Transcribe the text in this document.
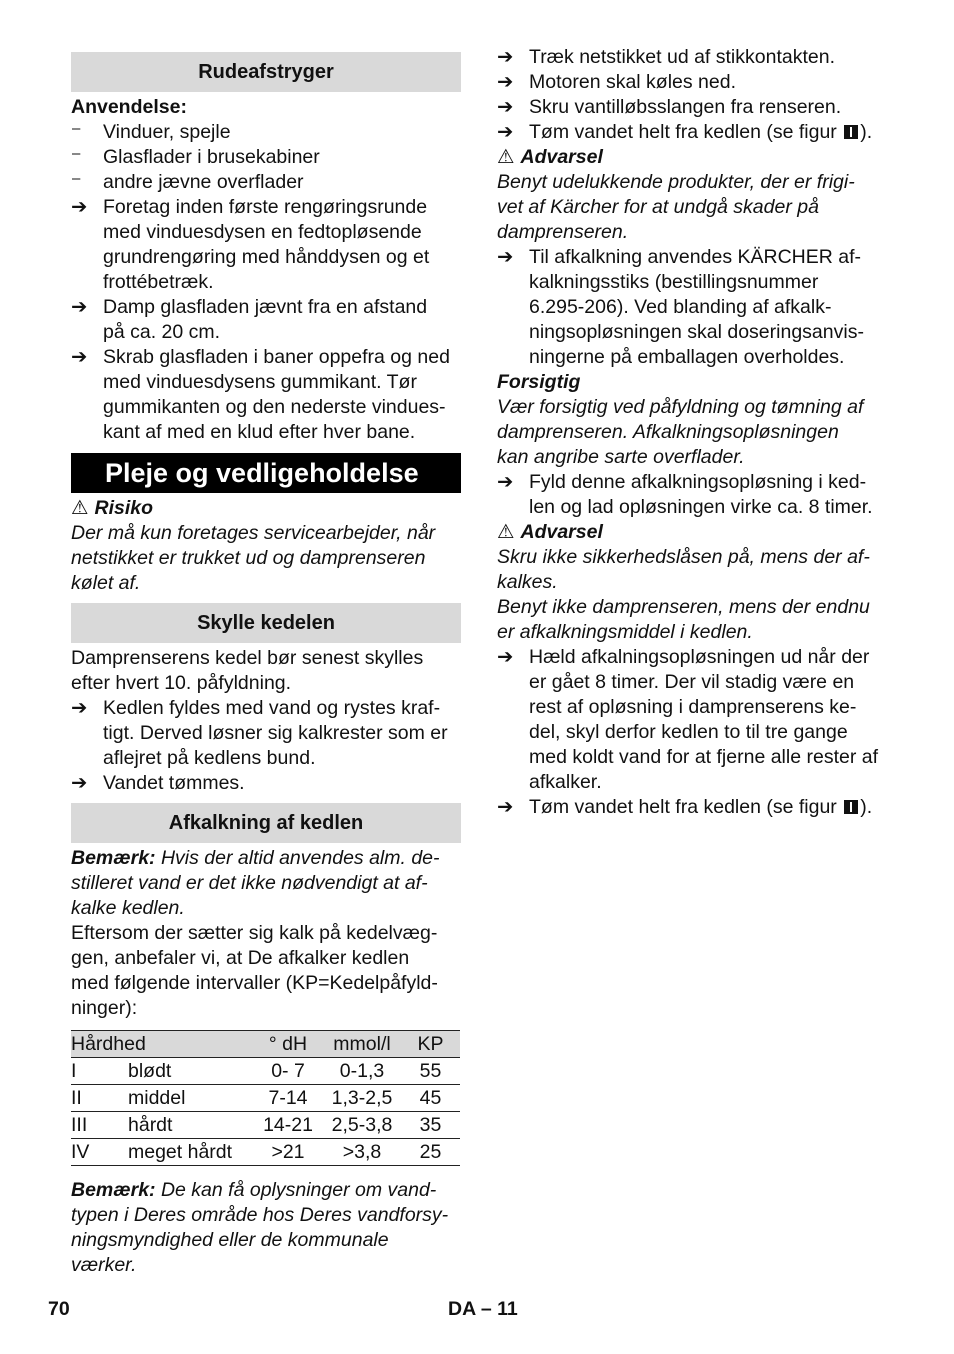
Rudeafstryger
Anvendelse:
– Vinduer, spejle
– Glasflader i brusekabiner
– andre jævne overflader
➔ Foretag inden første rengøringsrunde
med vinduesdysen en fedtopløsende
grundrengøring med hånddysen og et
frottébetræk.
➔ Damp glasfladen jævnt fra en afstand
på ca. 20 cm.
➔ Skrab glasfladen i baner oppefra og ned
med vinduesdysens gummikant. Tør
gummikanten og den nederste vindues-
kant af med en klud efter hver bane.
Pleje og vedligeholdelse
⚠ Risiko
Der må kun foretages servicearbejder, når
netstikket er trukket ud og damprenseren
kølet af.
Skylle kedelen
Damprenserens kedel bør senest skylles
efter hvert 10. påfyldning.
➔ Kedlen fyldes med vand og rystes kraf-
tigt. Derved løsner sig kalkrester som er
aflejret på kedlens bund.
➔ Vandet tømmes.
Afkalkning af kedlen
Bemærk: Hvis der altid anvendes alm. de-
stilleret vand er det ikke nødvendigt at af-
kalke kedlen.
Eftersom der sætter sig kalk på kedelvæg-
gen, anbefaler vi, at De afkalker kedlen
med følgende intervaller (KP=Kedelpåfyld-
ninger):
Hårdhed		° dH	mmol/l	KP
I	blødt	0- 7	0-1,3	55
II	middel	7-14	1,3-2,5	45
III	hårdt	14-21	2,5-3,8	35
IV	meget hårdt	>21	>3,8	25
Bemærk: De kan få oplysninger om vand-
typen i Deres område hos Deres vandforsy-
ningsmyndighed eller de kommunale
værker.
➔ Træk netstikket ud af stikkontakten.
➔ Motoren skal køles ned.
➔ Skru vantilløbsslangen fra renseren.
➔ Tøm vandet helt fra kedlen (se figur ).
⚠ Advarsel
Benyt udelukkende produkter, der er frigi-
vet af Kärcher for at undgå skader på
damprenseren.
➔ Til afkalkning anvendes KÄRCHER af-
kalkningsstiks (bestillingsnummer
6.295-206). Ved blanding af afkalk-
ningsopløsningen skal doseringsanvis-
ningerne på emballagen overholdes.
Forsigtig
Vær forsigtig ved påfyldning og tømning af
damprenseren. Afkalkningsopløsningen
kan angribe sarte overflader.
➔ Fyld denne afkalkningsopløsning i ked-
len og lad opløsningen virke ca. 8 timer.
⚠ Advarsel
Skru ikke sikkerhedslåsen på, mens der af-
kalkes.
Benyt ikke damprenseren, mens der endnu
er afkalkningsmiddel i kedlen.
➔ Hæld afkalningsopløsningen ud når der
er gået 8 timer. Der vil stadig være en
rest af opløsning i damprenserens ke-
del, skyl derfor kedlen to til tre gange
med koldt vand for at fjerne alle rester af
afkalker.
➔ Tøm vandet helt fra kedlen (se figur ).
70	DA – 11
